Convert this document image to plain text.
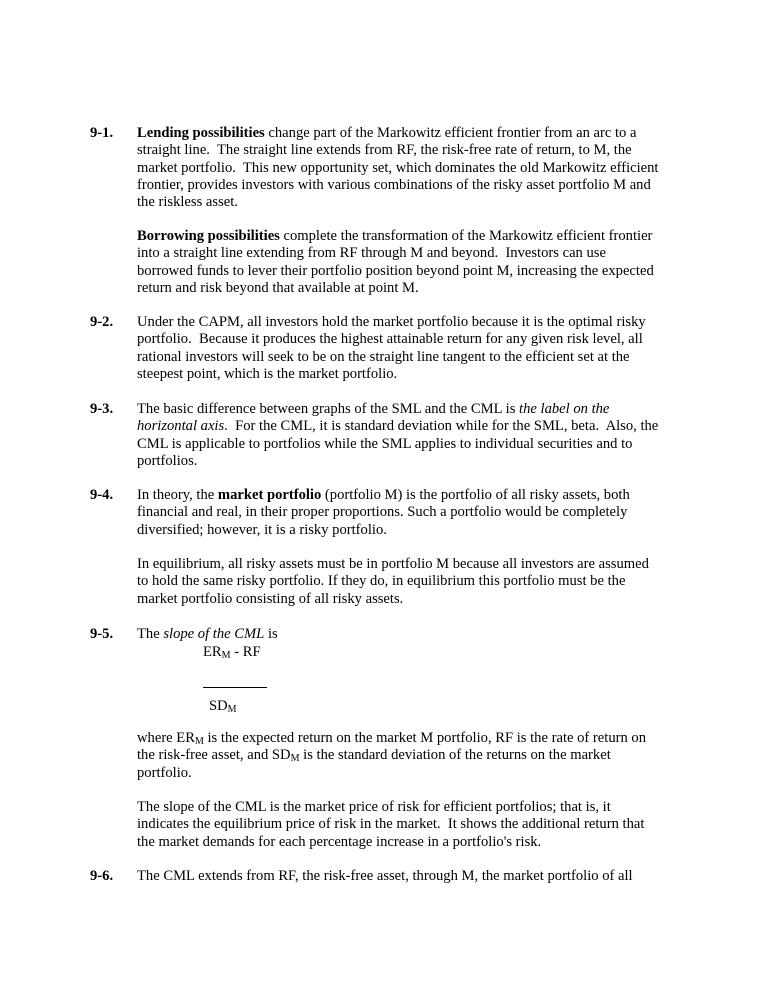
9-1. Lending possibilities change part of the Markowitz efficient frontier from an arc to a
straight line.  The straight line extends from RF, the risk-free rate of return, to M, the
market portfolio.  This new opportunity set, which dominates the old Markowitz efficient
frontier, provides investors with various combinations of the risky asset portfolio M and
the riskless asset.
Borrowing possibilities complete the transformation of the Markowitz efficient frontier
into a straight line extending from RF through M and beyond.  Investors can use
borrowed funds to lever their portfolio position beyond point M, increasing the expected
return and risk beyond that available at point M.
9-2. Under the CAPM, all investors hold the market portfolio because it is the optimal risky
portfolio.  Because it produces the highest attainable return for any given risk level, all
rational investors will seek to be on the straight line tangent to the efficient set at the
steepest point, which is the market portfolio.
9-3. The basic difference between graphs of the SML and the CML is the label on the
horizontal axis.  For the CML, it is standard deviation while for the SML, beta.  Also, the
CML is applicable to portfolios while the SML applies to individual securities and to
portfolios.
9-4. In theory, the market portfolio (portfolio M) is the portfolio of all risky assets, both
financial and real, in their proper proportions. Such a portfolio would be completely
diversified; however, it is a risky portfolio.
In equilibrium, all risky assets must be in portfolio M because all investors are assumed
to hold the same risky portfolio. If they do, in equilibrium this portfolio must be the
market portfolio consisting of all risky assets.
9-5. The slope of the CML is
$ER_M$ - RF
$SD_M$
where $ER_M$ is the expected return on the market M portfolio, RF is the rate of return on
the risk-free asset, and $SD_M$ is the standard deviation of the returns on the market
portfolio.
The slope of the CML is the market price of risk for efficient portfolios; that is, it
indicates the equilibrium price of risk in the market.  It shows the additional return that
the market demands for each percentage increase in a portfolio's risk.
9-6. The CML extends from RF, the risk-free asset, through M, the market portfolio of all
